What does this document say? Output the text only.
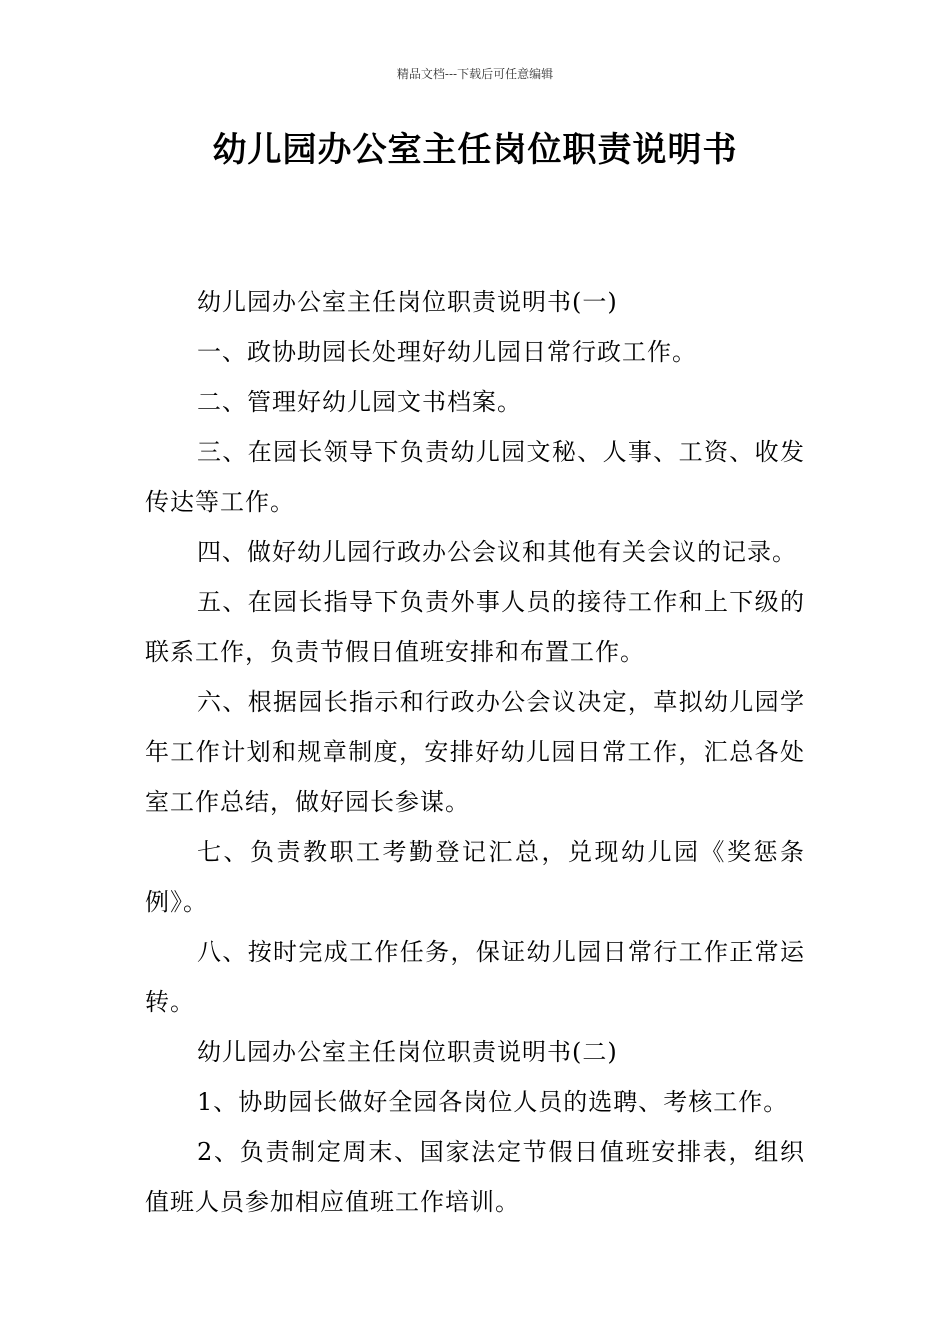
精品文档---下载后可任意编辑
幼儿园办公室主任岗位职责说明书

幼儿园办公室主任岗位职责说明书(一)

一、政协助园长处理好幼儿园日常行政工作。

二、管理好幼儿园文书档案。

三、在园长领导下负责幼儿园文秘、人事、工资、收发传达等工作。

四、做好幼儿园行政办公会议和其他有关会议的记录。

五、在园长指导下负责外事人员的接待工作和上下级的联系工作，负责节假日值班安排和布置工作。

六、根据园长指示和行政办公会议决定，草拟幼儿园学年工作计划和规章制度，安排好幼儿园日常工作，汇总各处室工作总结，做好园长参谋。

七、负责教职工考勤登记汇总，兑现幼儿园《奖惩条例》。

八、按时完成工作任务，保证幼儿园日常行工作正常运转。

幼儿园办公室主任岗位职责说明书(二)

1、协助园长做好全园各岗位人员的选聘、考核工作。

2、负责制定周末、国家法定节假日值班安排表，组织值班人员参加相应值班工作培训。
